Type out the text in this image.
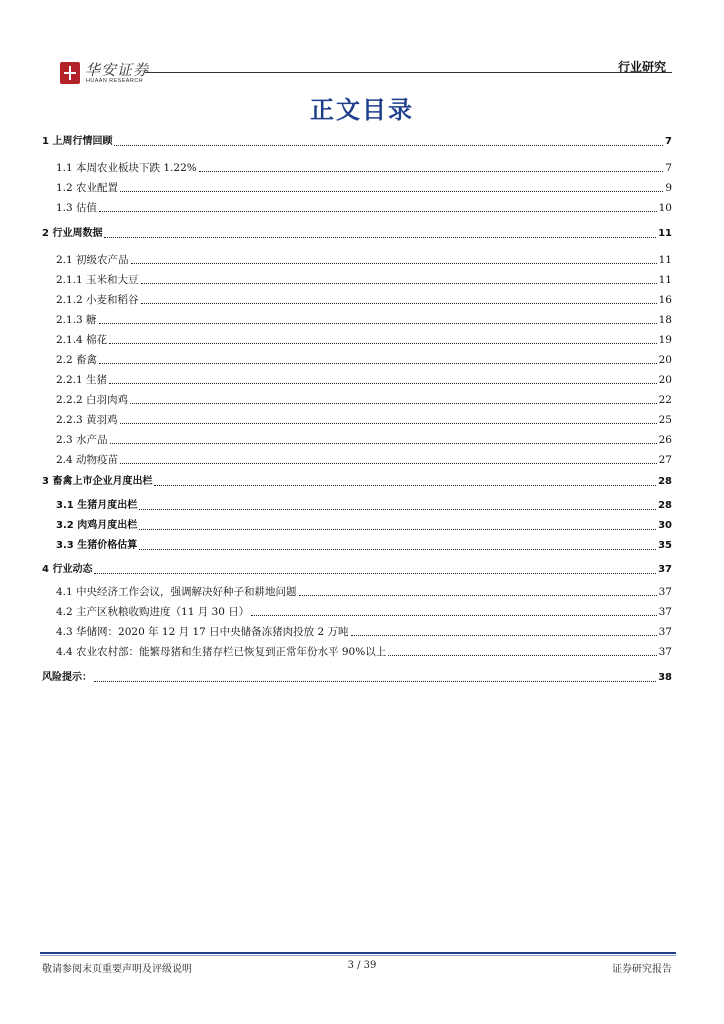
华安证券
HUAAN RESEARCH
行业研究
正文目录
1 上周行情回顾	7
1.1 本周农业板块下跌 1.22%	7
1.2 农业配置	9
1.3 估值	10
2 行业周数据	11
2.1 初级农产品	11
2.1.1 玉米和大豆	11
2.1.2 小麦和稻谷	16
2.1.3 糖	18
2.1.4 棉花	19
2.2 畜禽	20
2.2.1 生猪	20
2.2.2 白羽肉鸡	22
2.2.3 黄羽鸡	25
2.3 水产品	26
2.4 动物疫苗	27
3 畜禽上市企业月度出栏	28
3.1 生猪月度出栏	28
3.2 肉鸡月度出栏	30
3.3 生猪价格估算	35
4 行业动态	37
4.1 中央经济工作会议，强调解决好种子和耕地问题	37
4.2 主产区秋粮收购进度（11 月 30 日）	37
4.3 华储网：2020 年 12 月 17 日中央储备冻猪肉投放 2 万吨	37
4.4 农业农村部：能繁母猪和生猪存栏已恢复到正常年份水平 90%以上	37
风险提示：	38
敬请参阅末页重要声明及评级说明	3 / 39	证券研究报告
